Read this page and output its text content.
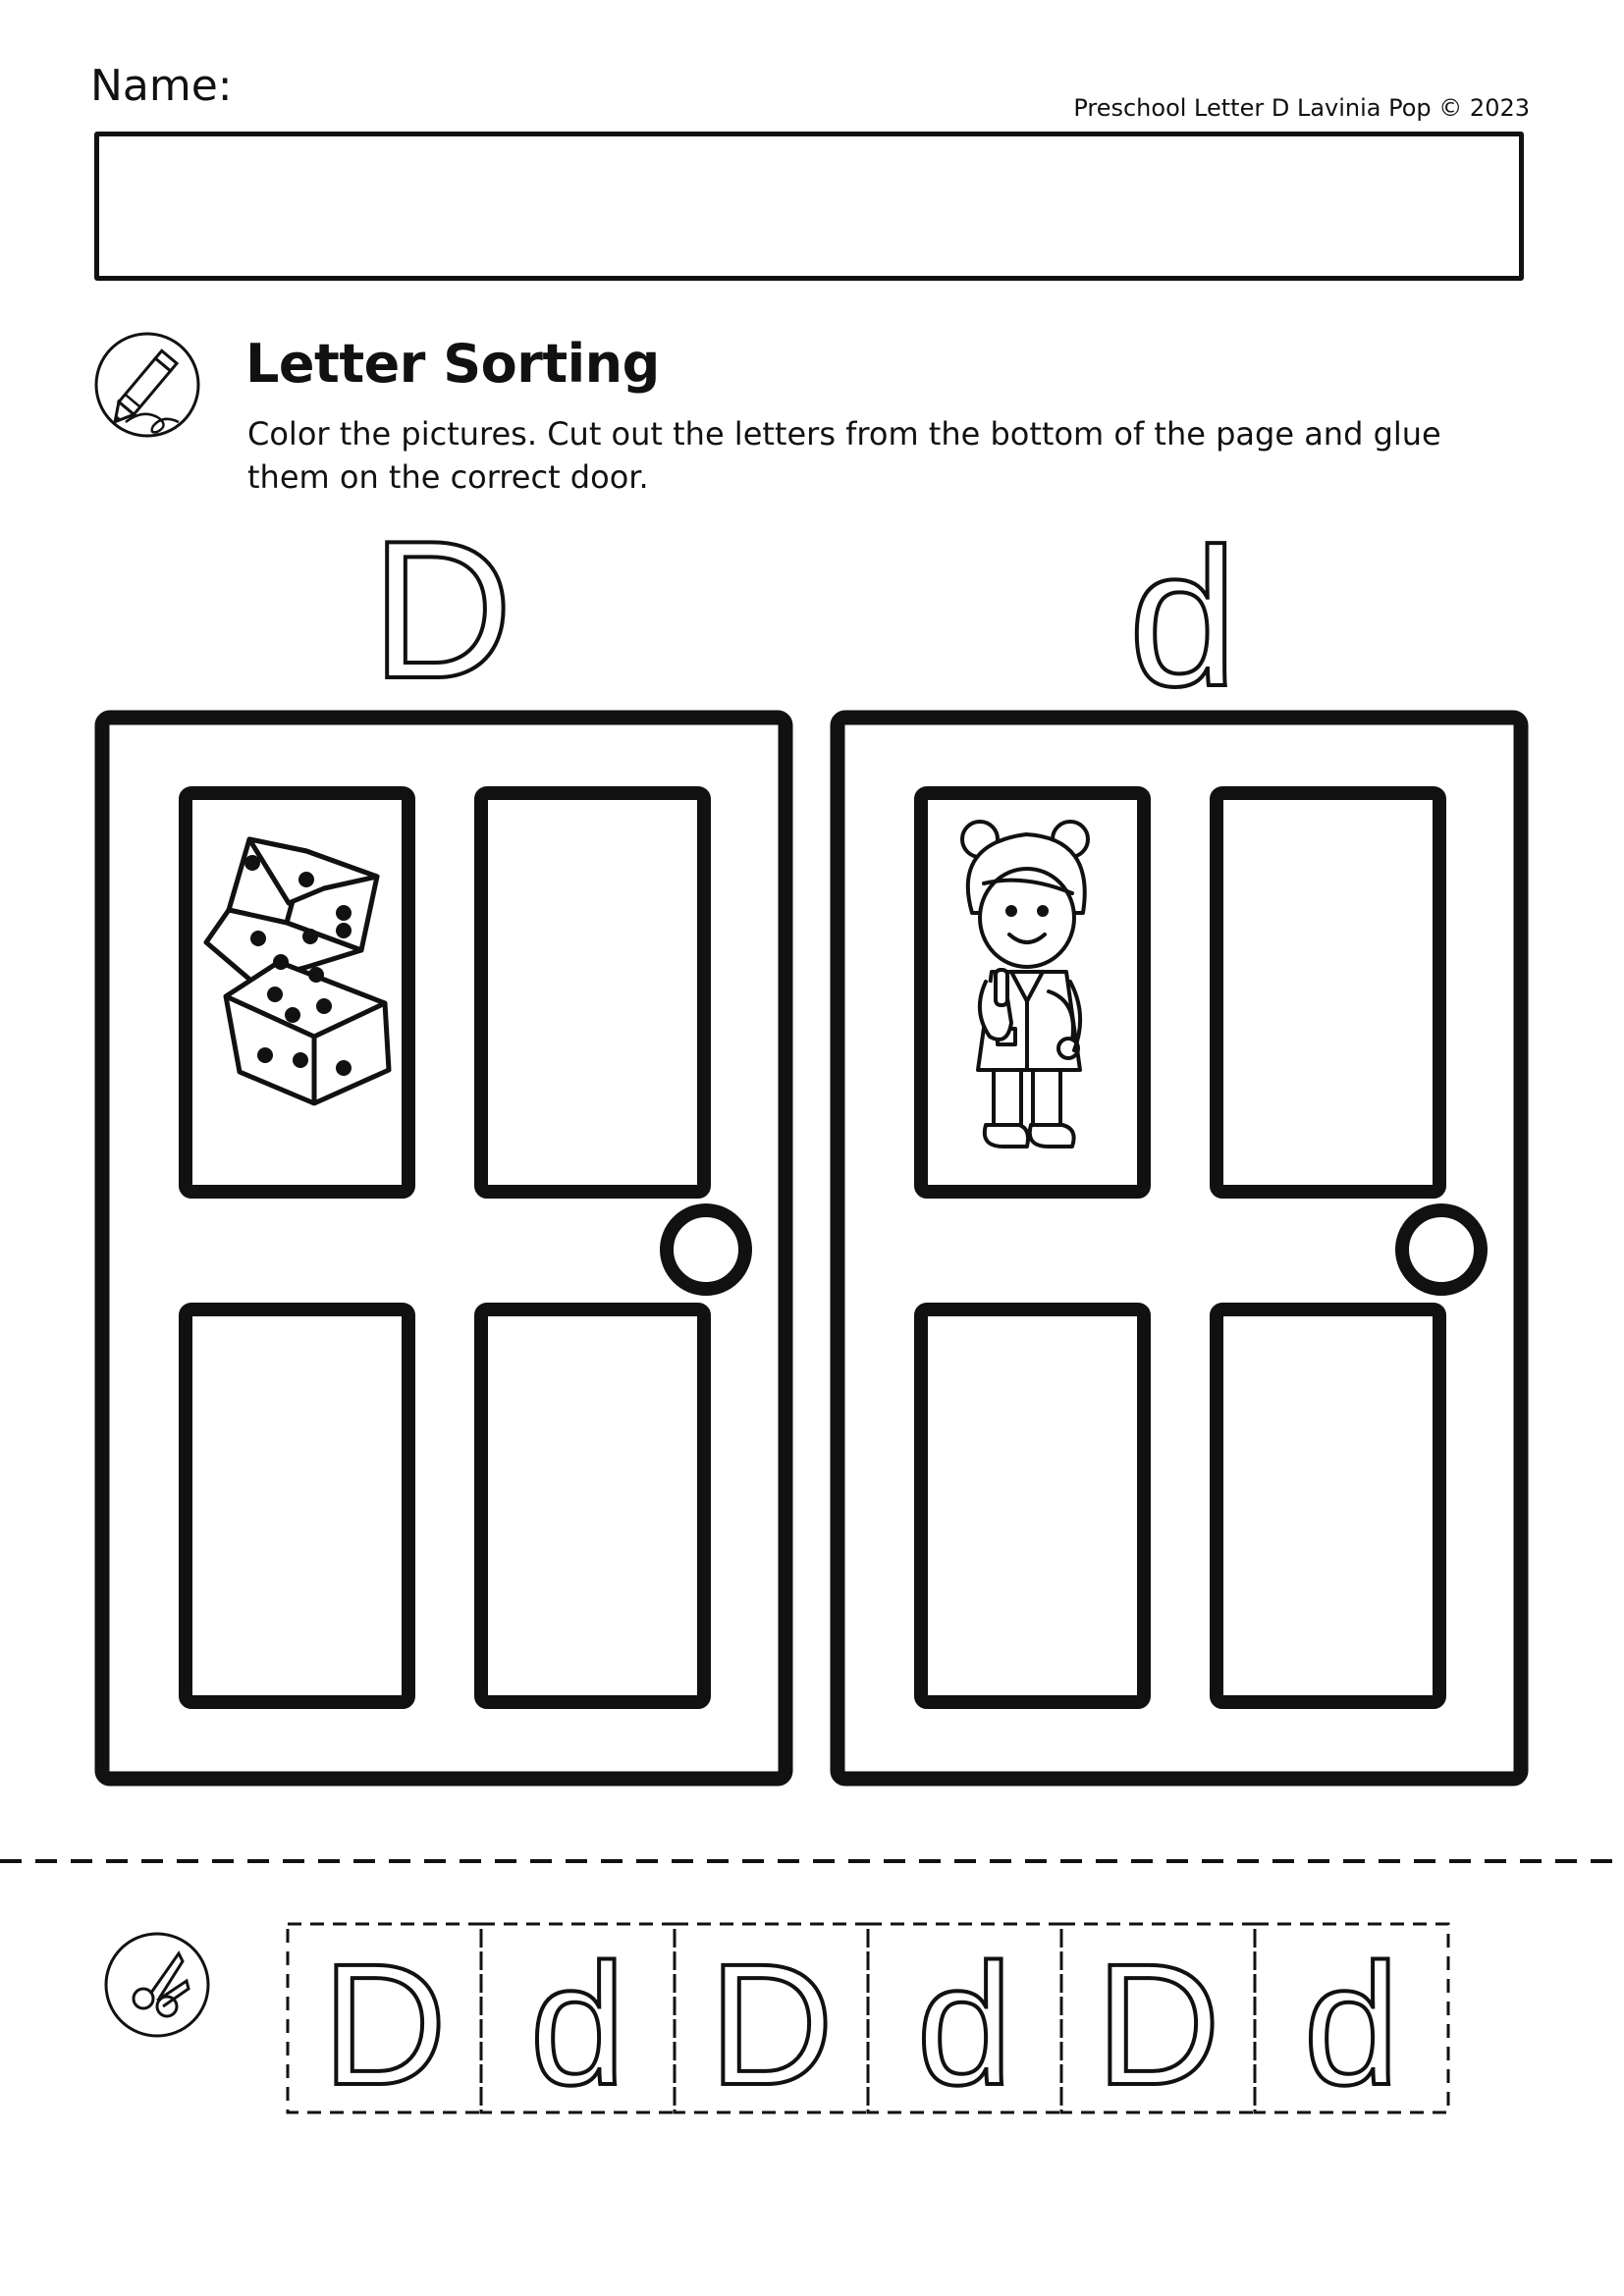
Name:	Preschool Letter D Lavinia Pop © 2023
Letter Sorting
Color the pictures. Cut out the letters from the bottom of the page and glue them on the correct door.
D	d
D d D d D d
